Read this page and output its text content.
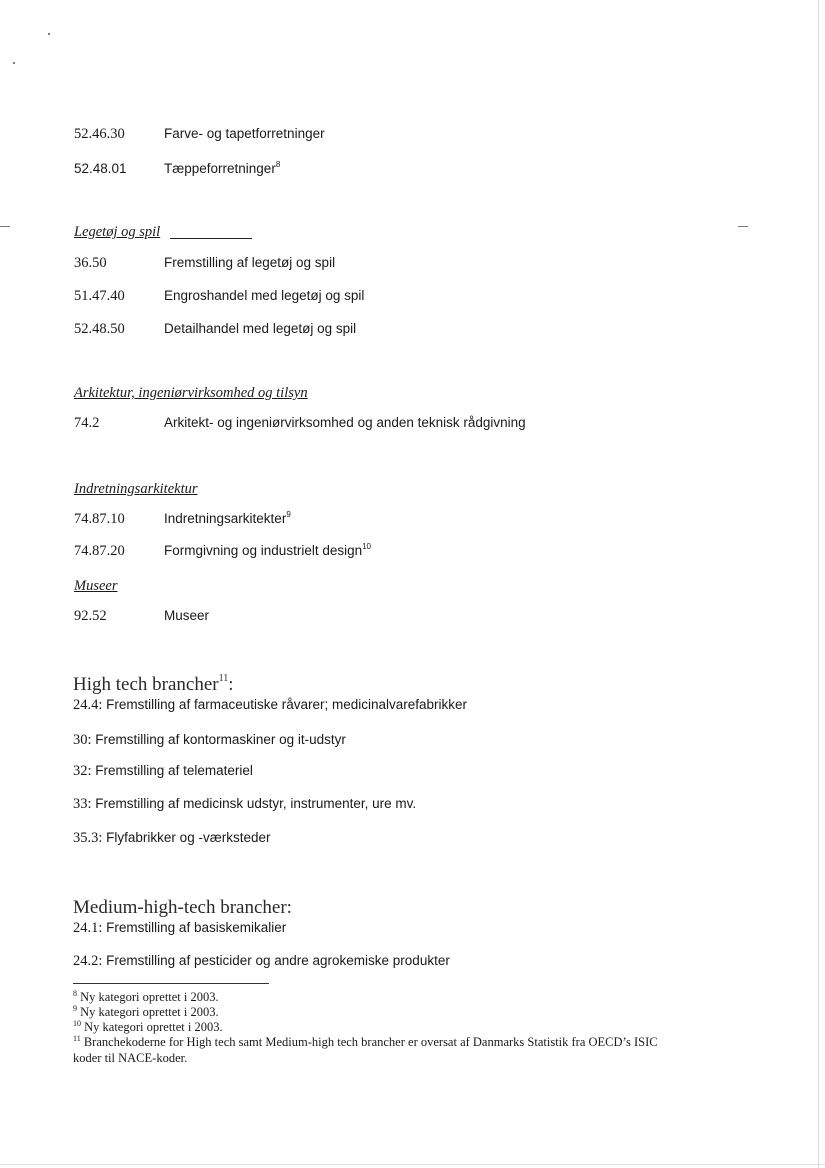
52.46.30	Farve- og tapetforretninger
52.48.01	Tæppeforretninger$^8$
Legetøj og spil
36.50	Fremstilling af legetøj og spil
51.47.40	Engroshandel med legetøj og spil
52.48.50	Detailhandel med legetøj og spil
Arkitektur, ingeniørvirksomhed og tilsyn
74.2	Arkitekt- og ingeniørvirksomhed og anden teknisk rådgivning
Indretningsarkitektur
74.87.10	Indretningsarkitekter$^9$
74.87.20	Formgivning og industrielt design$^{10}$
Museer
92.52	Museer
High tech brancher$^{11}$:
24.4: Fremstilling af farmaceutiske råvarer; medicinalvarefabrikker
30: Fremstilling af kontormaskiner og it-udstyr
32: Fremstilling af telemateriel
33: Fremstilling af medicinsk udstyr, instrumenter, ure mv.
35.3: Flyfabrikker og -værksteder
Medium-high-tech brancher:
24.1: Fremstilling af basiskemikalier
24.2: Fremstilling af pesticider og andre agrokemiske produkter
$^8$ Ny kategori oprettet i 2003.
$^9$ Ny kategori oprettet i 2003.
$^{10}$ Ny kategori oprettet i 2003.
$^{11}$ Branchekoderne for High tech samt Medium-high tech brancher er oversat af Danmarks Statistik fra OECD’s ISIC
koder til NACE-koder.
